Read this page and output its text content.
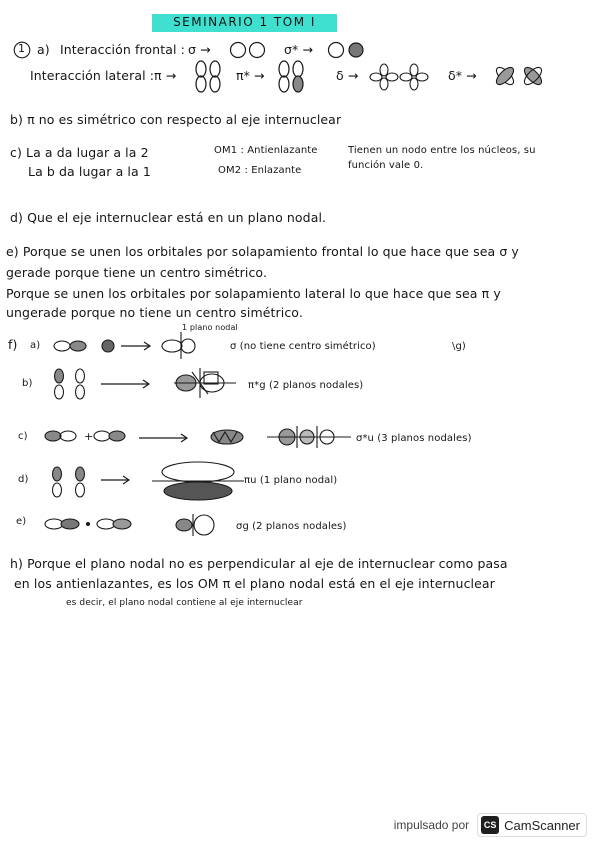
SEMINARIO 1 TOM I
1 a) Interacción frontal : σ →	σ* →
Interacción lateral : π →	π* →	δ →	δ* →
b) π no es simétrico con respecto al eje internuclear
c) La a da lugar a la 2
La b da lugar a la 1
OM1 : Antienlazante
OM2 : Enlazante
Tienen un nodo entre los núcleos, su
función vale 0.
d) Que el eje internuclear está en un plano nodal.
e) Porque se unen los orbitales por solapamiento frontal lo que hace que sea σ y
gerade porque tiene un centro simétrico.
Porque se unen los orbitales por solapamiento lateral lo que hace que sea π y
ungerade porque no tiene un centro simétrico.
f) a)
1 plano nodal
σ (no tiene centro simétrico)	\g)
b)	π*g (2 planos nodales)
c)	+	σ*u (3 planos nodales)
d)	πu (1 plano nodal)
e)	σg (2 planos nodales)
h) Porque el plano nodal no es perpendicular al eje de internuclear como pasa
en los antienlazantes, es los OM π el plano nodal está en el eje internuclear
es decir, el plano nodal contiene al eje internuclear
impulsado por	CS CamScanner
